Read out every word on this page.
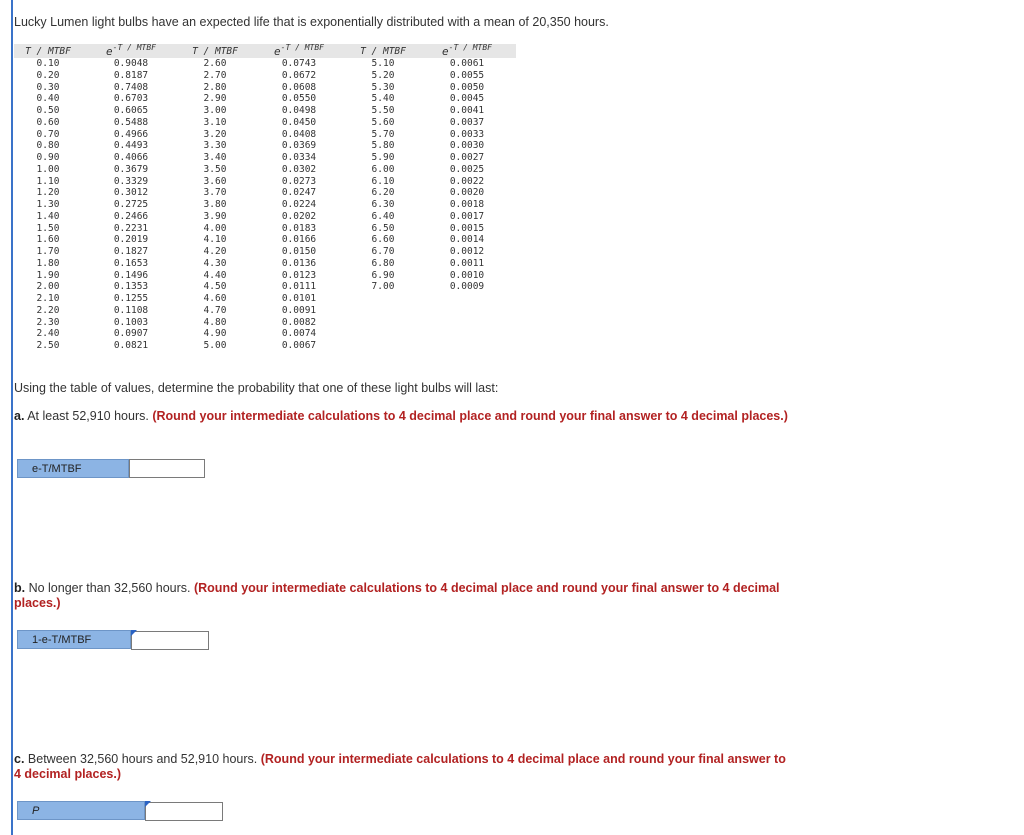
Lucky Lumen light bulbs have an expected life that is exponentially distributed with a mean of 20,350 hours.
T / MTBF	$e^{-T / MTBF}$	T / MTBF	$e^{-T / MTBF}$	T / MTBF	$e^{-T / MTBF}$
0.10	0.9048	2.60	0.0743	5.10	0.0061
0.20	0.8187	2.70	0.0672	5.20	0.0055
0.30	0.7408	2.80	0.0608	5.30	0.0050
0.40	0.6703	2.90	0.0550	5.40	0.0045
0.50	0.6065	3.00	0.0498	5.50	0.0041
0.60	0.5488	3.10	0.0450	5.60	0.0037
0.70	0.4966	3.20	0.0408	5.70	0.0033
0.80	0.4493	3.30	0.0369	5.80	0.0030
0.90	0.4066	3.40	0.0334	5.90	0.0027
1.00	0.3679	3.50	0.0302	6.00	0.0025
1.10	0.3329	3.60	0.0273	6.10	0.0022
1.20	0.3012	3.70	0.0247	6.20	0.0020
1.30	0.2725	3.80	0.0224	6.30	0.0018
1.40	0.2466	3.90	0.0202	6.40	0.0017
1.50	0.2231	4.00	0.0183	6.50	0.0015
1.60	0.2019	4.10	0.0166	6.60	0.0014
1.70	0.1827	4.20	0.0150	6.70	0.0012
1.80	0.1653	4.30	0.0136	6.80	0.0011
1.90	0.1496	4.40	0.0123	6.90	0.0010
2.00	0.1353	4.50	0.0111	7.00	0.0009
2.10	0.1255	4.60	0.0101		
2.20	0.1108	4.70	0.0091		
2.30	0.1003	4.80	0.0082		
2.40	0.0907	4.90	0.0074		
2.50	0.0821	5.00	0.0067		
Using the table of values, determine the probability that one of these light bulbs will last:
a. At least 52,910 hours. (Round your intermediate calculations to 4 decimal place and round your final answer to 4 decimal places.)
e-T/MTBF
b. No longer than 32,560 hours. (Round your intermediate calculations to 4 decimal place and round your final answer to 4 decimal places.)
1-e-T/MTBF
c. Between 32,560 hours and 52,910 hours. (Round your intermediate calculations to 4 decimal place and round your final answer to 4 decimal places.)
P
